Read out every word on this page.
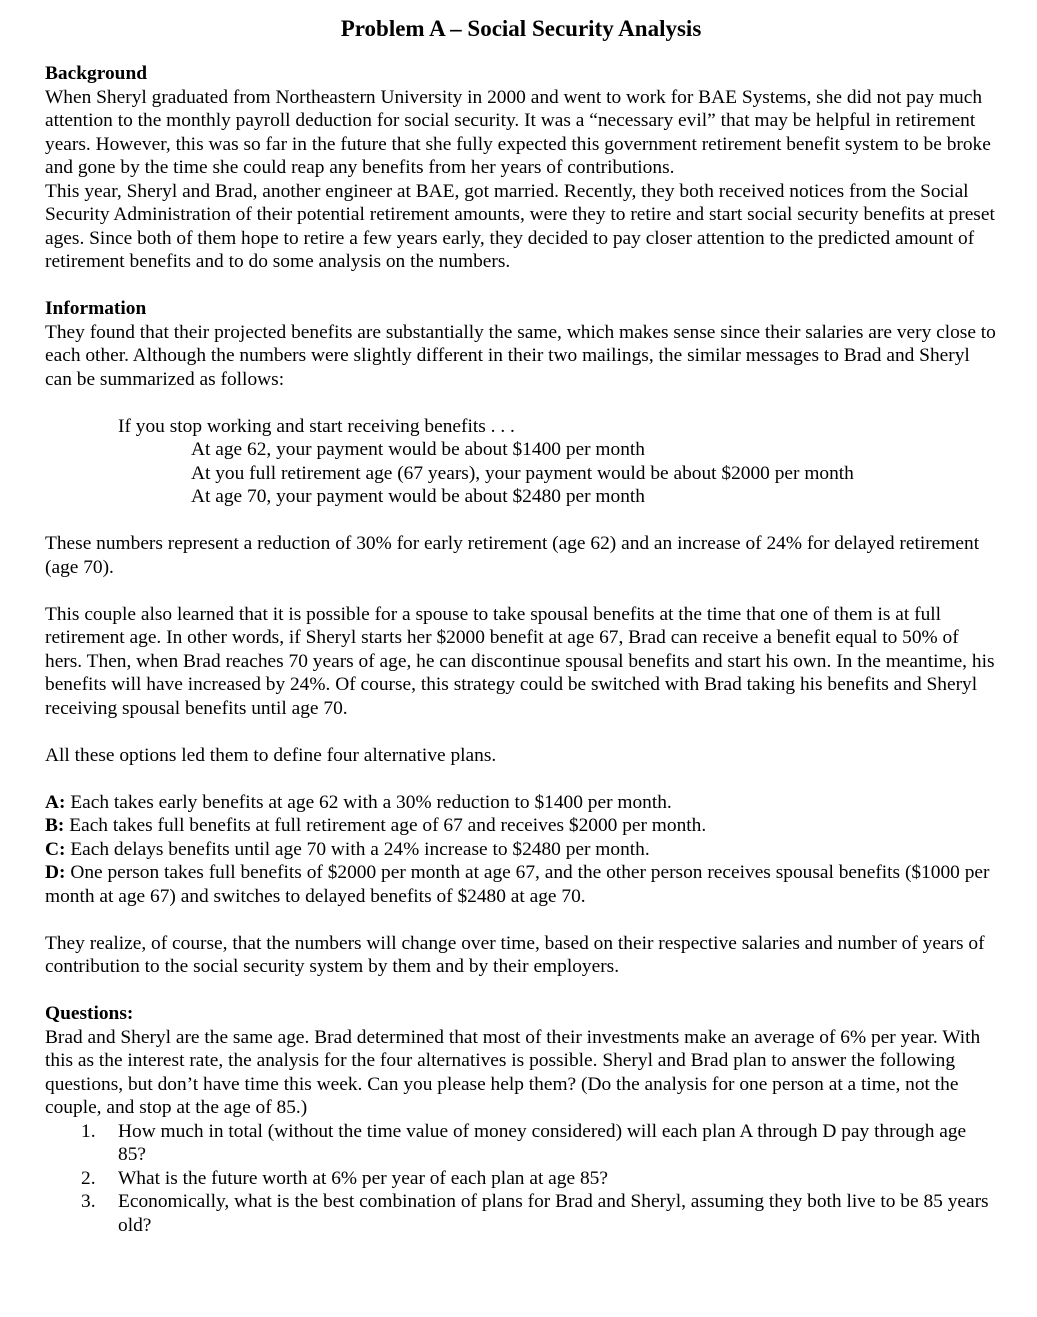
Problem A – Social Security Analysis
Background

When Sheryl graduated from Northeastern University in 2000 and went to work for BAE Systems, she did not pay much attention to the monthly payroll deduction for social security. It was a “necessary evil” that may be helpful in retirement years. However, this was so far in the future that she fully expected this government retirement benefit system to be broke and gone by the time she could reap any benefits from her years of contributions.

This year, Sheryl and Brad, another engineer at BAE, got married. Recently, they both received notices from the Social Security Administration of their potential retirement amounts, were they to retire and start social security benefits at preset ages. Since both of them hope to retire a few years early, they decided to pay closer attention to the predicted amount of retirement benefits and to do some analysis on the numbers.

Information

They found that their projected benefits are substantially the same, which makes sense since their salaries are very close to

each other. Although the numbers were slightly different in their two mailings, the similar messages to Brad and Sheryl can be summarized as follows:

If you stop working and start receiving benefits . . .

At age 62, your payment would be about $1400 per month

At you full retirement age (67 years), your payment would be about $2000 per month

At age 70, your payment would be about $2480 per month

These numbers represent a reduction of 30% for early retirement (age 62) and an increase of 24% for delayed retirement

(age 70).

This couple also learned that it is possible for a spouse to take spousal benefits at the time that one of them is at full retirement age. In other words, if Sheryl starts her $2000 benefit at age 67, Brad can receive a benefit equal to 50% of hers. Then, when Brad reaches 70 years of age, he can discontinue spousal benefits and start his own. In the meantime, his benefits will have increased by 24%. Of course, this strategy could be switched with Brad taking his benefits and Sheryl receiving spousal benefits until age 70.

All these options led them to define four alternative plans.

A: Each takes early benefits at age 62 with a 30% reduction to $1400 per month.

B: Each takes full benefits at full retirement age of 67 and receives $2000 per month.

C: Each delays benefits until age 70 with a 24% increase to $2480 per month.

D: One person takes full benefits of $2000 per month at age 67, and the other person receives spousal benefits ($1000 per month at age 67) and switches to delayed benefits of $2480 at age 70.

They realize, of course, that the numbers will change over time, based on their respective salaries and number of years of contribution to the social security system by them and by their employers.

Questions:

Brad and Sheryl are the same age. Brad determined that most of their investments make an average of 6% per year. With this as the interest rate, the analysis for the four alternatives is possible. Sheryl and Brad plan to answer the following questions, but don’t have time this week. Can you please help them? (Do the analysis for one person at a time, not the couple, and stop at the age of 85.)

1. How much in total (without the time value of money considered) will each plan A through D pay through age 85?
2. What is the future worth at 6% per year of each plan at age 85?
3. Economically, what is the best combination of plans for Brad and Sheryl, assuming they both live to be 85 years old?
